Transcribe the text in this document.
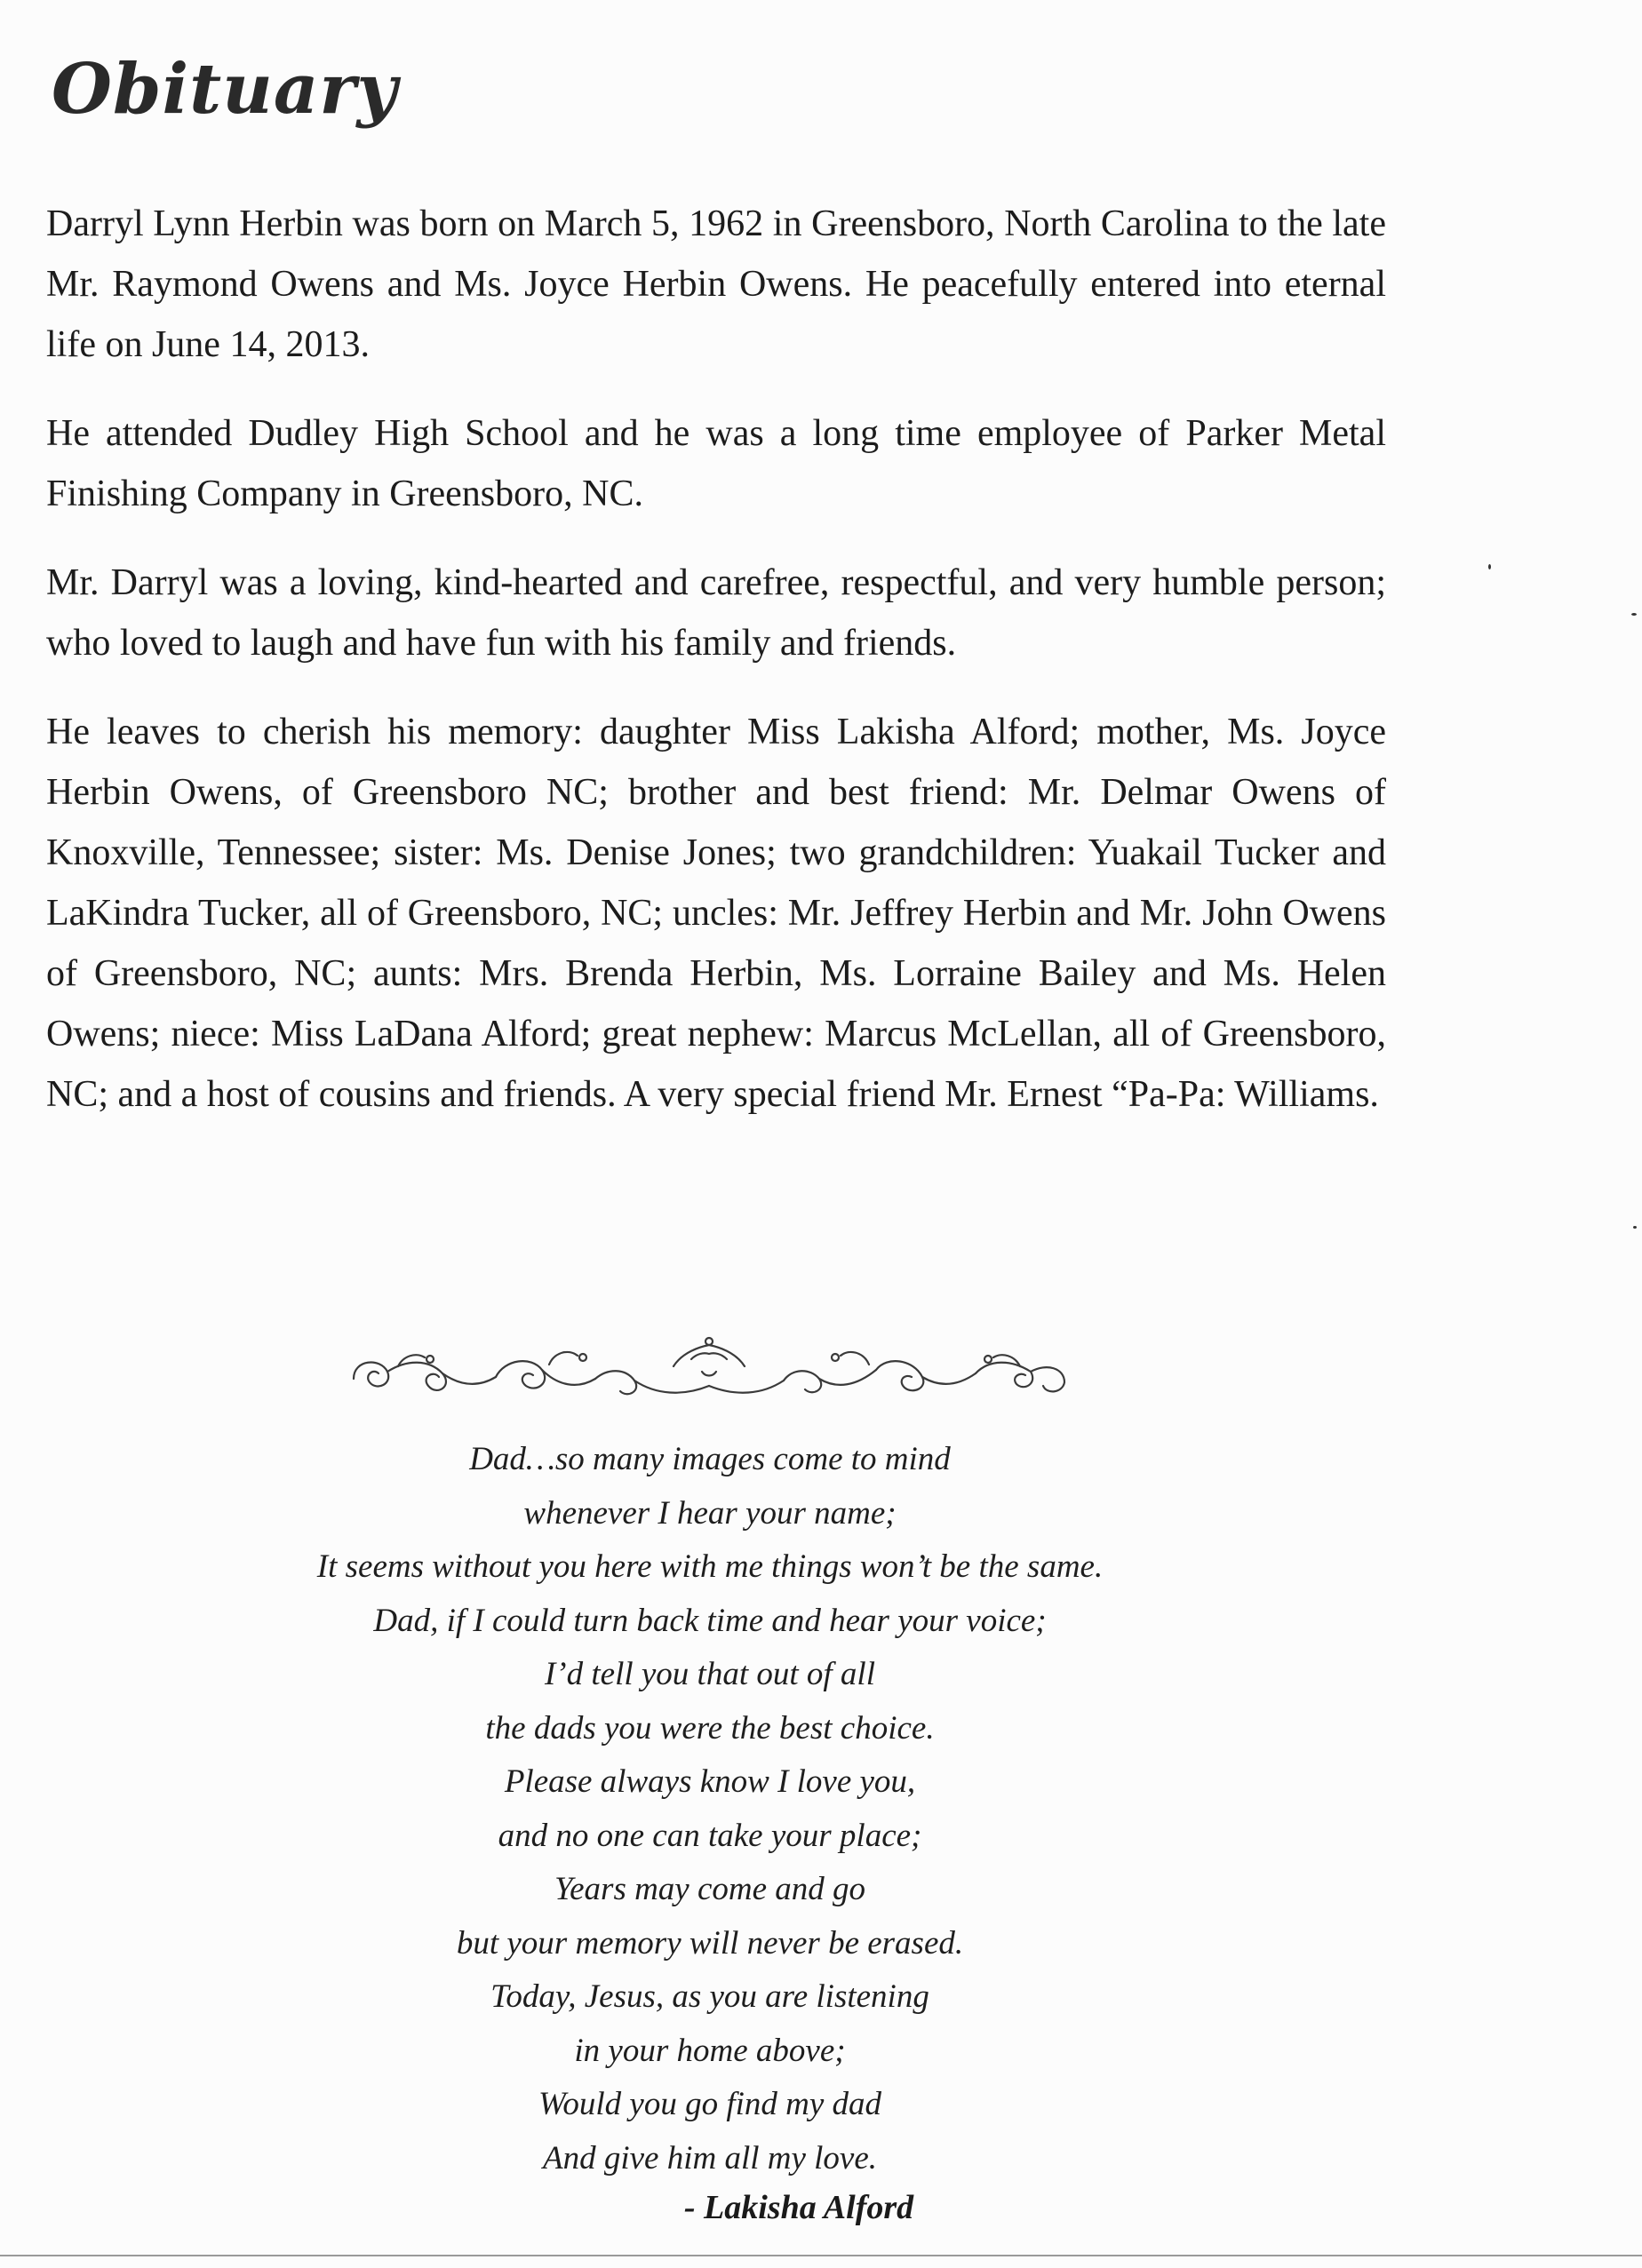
Obituary

Darryl Lynn Herbin was born on March 5, 1962 in Greensboro, North Carolina to the late Mr. Raymond Owens and Ms. Joyce Herbin Owens. He peacefully entered into eternal life on June 14, 2013.

He attended Dudley High School and he was a long time employee of Parker Metal Finishing Company in Greensboro, NC.

Mr. Darryl was a loving, kind-hearted and carefree, respectful, and very humble person; who loved to laugh and have fun with his family and friends.

He leaves to cherish his memory: daughter Miss Lakisha Alford; mother, Ms. Joyce Herbin Owens, of Greensboro NC; brother and best friend: Mr. Delmar Owens of Knoxville, Tennessee; sister: Ms. Denise Jones; two grandchildren: Yuakail Tucker and LaKindra Tucker, all of Greensboro, NC; uncles: Mr. Jeffrey Herbin and Mr. John Owens of Greensboro, NC; aunts: Mrs. Brenda Herbin, Ms. Lorraine Bailey and Ms. Helen Owens; niece: Miss LaDana Alford; great nephew: Marcus McLellan, all of Greensboro, NC; and a host of cousins and friends. A very special friend Mr. Ernest “Pa-Pa: Williams.

Dad…so many images come to mind
whenever I hear your name;
It seems without you here with me things won’t be the same.
Dad, if I could turn back time and hear your voice;
I’d tell you that out of all
the dads you were the best choice.
Please always know I love you,
and no one can take your place;
Years may come and go
but your memory will never be erased.
Today, Jesus, as you are listening
in your home above;
Would you go find my dad
And give him all my love.
- Lakisha Alford
